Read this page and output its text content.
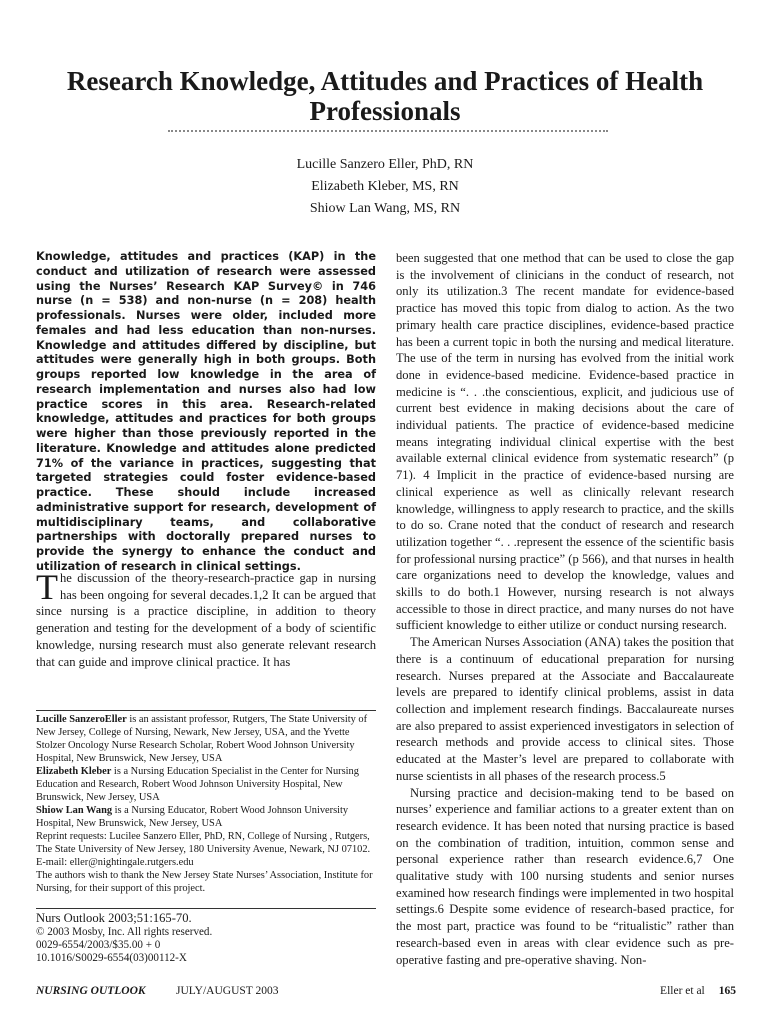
Research Knowledge, Attitudes and Practices of Health Professionals
Lucille Sanzero Eller, PhD, RN
Elizabeth Kleber, MS, RN
Shiow Lan Wang, MS, RN

Knowledge, attitudes and practices (KAP) in the conduct and utilization of research were assessed using the Nurses’ Research KAP Survey© in 746 nurse (n = 538) and non-nurse (n = 208) health professionals. Nurses were older, included more females and had less education than non-nurses. Knowledge and attitudes differed by discipline, but attitudes were generally high in both groups. Both groups reported low knowledge in the area of research implementation and nurses also had low practice scores in this area. Research-related knowledge, attitudes and practices for both groups were higher than those previously reported in the literature. Knowledge and attitudes alone predicted 71% of the variance in practices, suggesting that targeted strategies could foster evidence-based practice. These should include increased administrative support for research, development of multidisciplinary teams, and collaborative partnerships with doctorally prepared nurses to provide the synergy to enhance the conduct and utilization of research in clinical settings.

The discussion of the theory-research-practice gap in nursing has been ongoing for several decades.1,2 It can be argued that since nursing is a practice discipline, in addition to theory generation and testing for the development of a body of scientific knowledge, nursing research must also generate relevant research that can guide and improve clinical practice. It has

Lucille SanzeroEller is an assistant professor, Rutgers, The State University of New Jersey, College of Nursing, Newark, New Jersey, USA, and the Yvette Stolzer Oncology Nurse Research Scholar, Robert Wood Johnson University Hospital, New Brunswick, New Jersey, USA

Elizabeth Kleber is a Nursing Education Specialist in the Center for Nursing Education and Research, Robert Wood Johnson University Hospital, New Brunswick, New Jersey, USA

Shiow Lan Wang is a Nursing Educator, Robert Wood Johnson University Hospital, New Brunswick, New Jersey, USA

Reprint requests: Lucilee Sanzero Eller, PhD, RN, College of Nursing , Rutgers, The State University of New Jersey, 180 University Avenue, Newark, NJ 07102.

E-mail: eller@nightingale.rutgers.edu

The authors wish to thank the New Jersey State Nurses’ Association, Institute for Nursing, for their support of this project.

Nurs Outlook 2003;51:165-70.

© 2003 Mosby, Inc. All rights reserved.

0029-6554/2003/$35.00 + 0

10.1016/S0029-6554(03)00112-X

been suggested that one method that can be used to close the gap is the involvement of clinicians in the conduct of research, not only its utilization.3 The recent mandate for evidence-based practice has moved this topic from dialog to action. As the two primary health care practice disciplines, evidence-based practice has been a current topic in both the nursing and medical literature. The use of the term in nursing has evolved from the initial work done in evidence-based medicine. Evidence-based practice in medicine is “. . .the conscientious, explicit, and judicious use of current best evidence in making decisions about the care of individual patients. The practice of evidence-based medicine means integrating individual clinical expertise with the best available external clinical evidence from systematic research” (p 71). 4 Implicit in the practice of evidence-based nursing are clinical experience as well as clinically relevant research knowledge, willingness to apply research to practice, and the skills to do so. Crane noted that the conduct of research and research utilization together “. . .represent the essence of the scientific basis for professional nursing practice” (p 566), and that nurses in health care organizations need to develop the knowledge, values and skills to do both.1 However, nursing research is not always accessible to those in direct practice, and many nurses do not have sufficient knowledge to either utilize or conduct nursing research.

The American Nurses Association (ANA) takes the position that there is a continuum of educational preparation for nursing research. Nurses prepared at the Associate and Baccalaureate levels are prepared to identify clinical problems, assist in data collection and implement research findings. Baccalaureate nurses are also prepared to assist experienced investigators in selection of research methods and provide access to clinical sites. Those educated at the Master’s level are prepared to collaborate with nurse scientists in all phases of the research process.5

Nursing practice and decision-making tend to be based on nurses’ experience and familiar actions to a greater extent than on research evidence. It has been noted that nursing practice is based on the combination of tradition, intuition, common sense and personal experience rather than research evidence.6,7 One qualitative study with 100 nursing students and senior nurses examined how research findings were implemented in two hospital settings.6 Despite some evidence of research-based practice, for the most part, practice was found to be “ritualistic” rather than research-based even in areas with clear evidence such as pre-operative fasting and pre-operative shaving. Non-

NURSING OUTLOOK	JULY/AUGUST 2003	Eller et al 165
